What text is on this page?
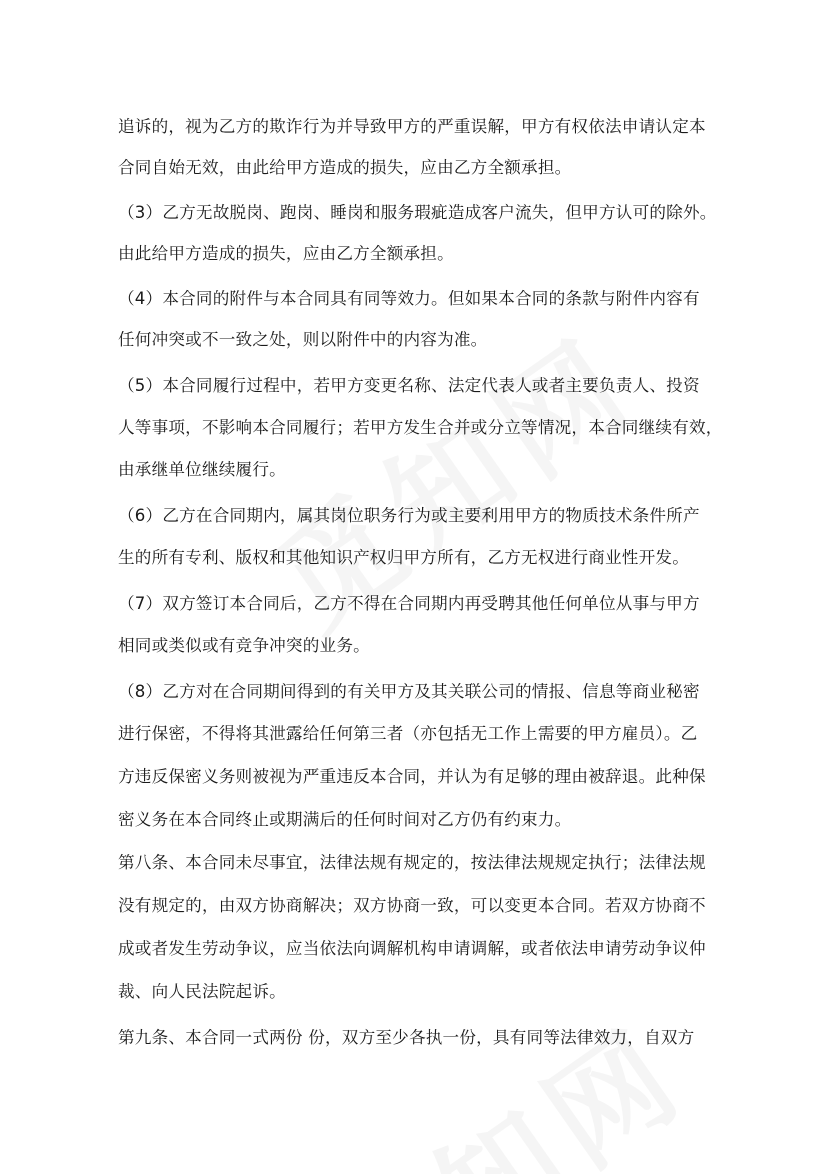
追诉的，视为乙方的欺诈行为并导致甲方的严重误解，甲方有权依法申请认定本
合同自始无效，由此给甲方造成的损失，应由乙方全额承担。
（3）乙方无故脱岗、跑岗、睡岗和服务瑕疵造成客户流失，但甲方认可的除外。
由此给甲方造成的损失，应由乙方全额承担。
（4）本合同的附件与本合同具有同等效力。但如果本合同的条款与附件内容有
任何冲突或不一致之处，则以附件中的内容为准。
（5）本合同履行过程中，若甲方变更名称、法定代表人或者主要负责人、投资
人等事项，不影响本合同履行；若甲方发生合并或分立等情况，本合同继续有效，
由承继单位继续履行。
（6）乙方在合同期内，属其岗位职务行为或主要利用甲方的物质技术条件所产
生的所有专利、版权和其他知识产权归甲方所有，乙方无权进行商业性开发。
（7）双方签订本合同后，乙方不得在合同期内再受聘其他任何单位从事与甲方
相同或类似或有竞争冲突的业务。
（8）乙方对在合同期间得到的有关甲方及其关联公司的情报、信息等商业秘密
进行保密，不得将其泄露给任何第三者（亦包括无工作上需要的甲方雇员）。乙
方违反保密义务则被视为严重违反本合同，并认为有足够的理由被辞退。此种保
密义务在本合同终止或期满后的任何时间对乙方仍有约束力。
第八条、本合同未尽事宜，法律法规有规定的，按法律法规规定执行；法律法规
没有规定的，由双方协商解决；双方协商一致，可以变更本合同。若双方协商不
成或者发生劳动争议，应当依法向调解机构申请调解，或者依法申请劳动争议仲
裁、向人民法院起诉。
第九条、本合同一式两份 份，双方至少各执一份，具有同等法律效力，自双方
